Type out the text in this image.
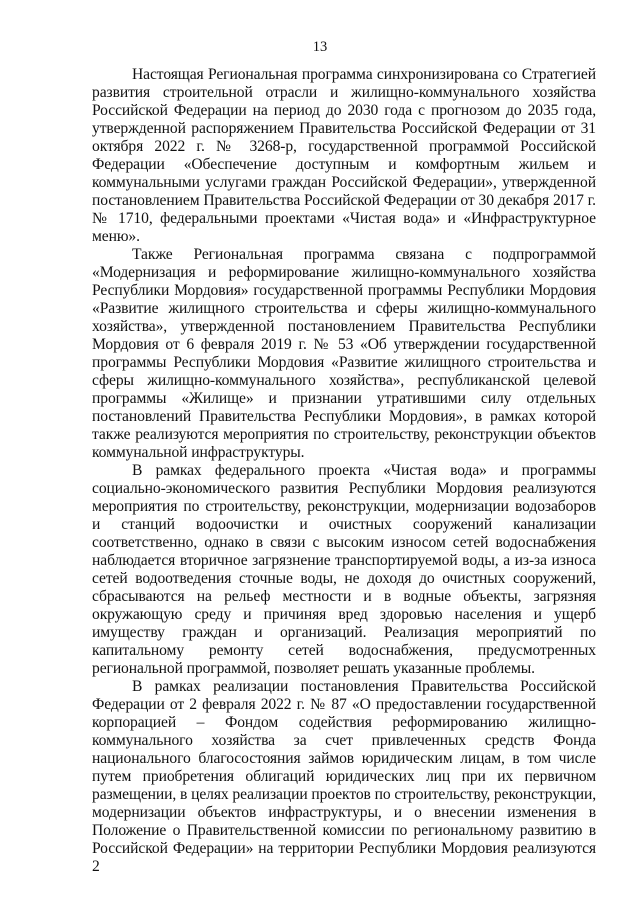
13

Настоящая Региональная программа синхронизирована со Стратегией развития строительной отрасли и жилищно-коммунального хозяйства Российской Федерации на период до 2030 года с прогнозом до 2035 года, утвержденной распоряжением Правительства Российской Федерации от 31 октября 2022 г. № 3268-р, государственной программой Российской Федерации «Обеспечение доступным и комфортным жильем и коммунальными услугами граждан Российской Федерации», утвержденной постановлением Правительства Российской Федерации от 30 декабря 2017 г. № 1710, федеральными проектами «Чистая вода» и «Инфраструктурное меню».

Также Региональная программа связана с подпрограммой «Модернизация и реформирование жилищно-коммунального хозяйства Республики Мордовия» государственной программы Республики Мордовия «Развитие жилищного строительства и сферы жилищно-коммунального хозяйства», утвержденной постановлением Правительства Республики Мордовия от 6 февраля 2019 г. № 53 «Об утверждении государственной программы Республики Мордовия «Развитие жилищного строительства и сферы жилищно-коммунального хозяйства», республиканской целевой программы «Жилище» и признании утратившими силу отдельных постановлений Правительства Республики Мордовия», в рамках которой также реализуются мероприятия по строительству, реконструкции объектов коммунальной инфраструктуры.

В рамках федерального проекта «Чистая вода» и программы социально-экономического развития Республики Мордовия реализуются мероприятия по строительству, реконструкции, модернизации водозаборов и станций водоочистки и очистных сооружений канализации соответственно, однако в связи с высоким износом сетей водоснабжения наблюдается вторичное загрязнение транспортируемой воды, а из-за износа сетей водоотведения сточные воды, не доходя до очистных сооружений, сбрасываются на рельеф местности и в водные объекты, загрязняя окружающую среду и причиняя вред здоровью населения и ущерб имуществу граждан и организаций. Реализация мероприятий по капитальному ремонту сетей водоснабжения, предусмотренных региональной программой, позволяет решать указанные проблемы.

В рамках реализации постановления Правительства Российской Федерации от 2 февраля 2022 г. № 87 «О предоставлении государственной корпорацией – Фондом содействия реформированию жилищно-коммунального хозяйства за счет привлеченных средств Фонда национального благосостояния займов юридическим лицам, в том числе путем приобретения облигаций юридических лиц при их первичном размещении, в целях реализации проектов по строительству, реконструкции, модернизации объектов инфраструктуры, и о внесении изменения в Положение о Правительственной комиссии по региональному развитию в Российской Федерации» на территории Республики Мордовия реализуются 2
